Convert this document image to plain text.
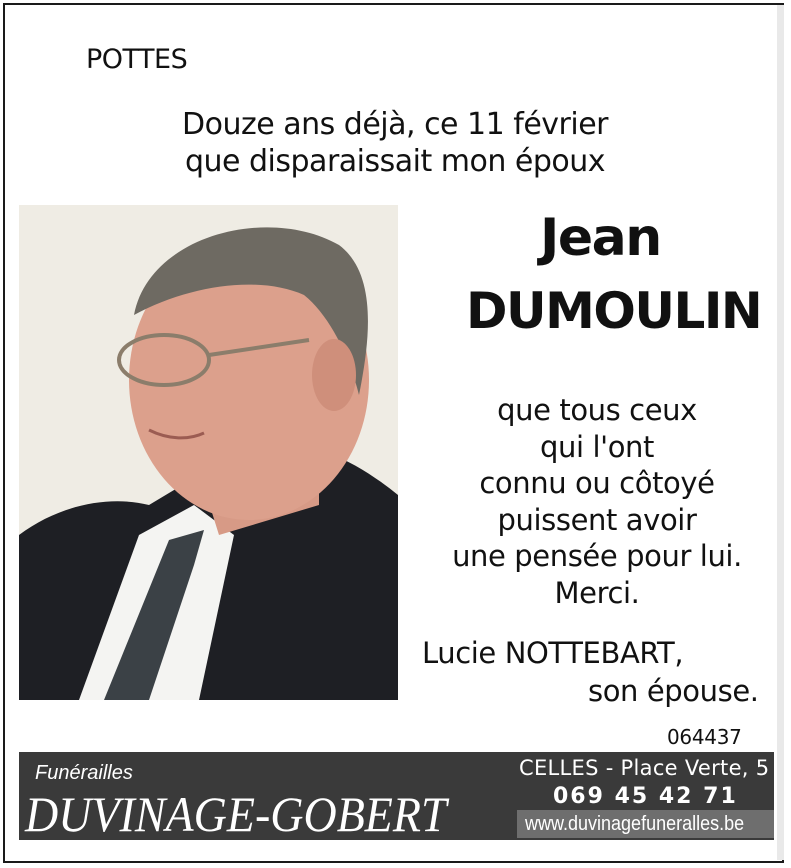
POTTES
Douze ans déjà, ce 11 février
que disparaissait mon époux
Jean
DUMOULIN
que tous ceux
qui l'ont
connu ou côtoyé
puissent avoir
une pensée pour lui.
Merci.
Lucie NOTTEBART,
son épouse.
064437
Funérailles
DUVINAGE-GOBERT
CELLES - Place Verte, 5
069 45 42 71
www.duvinagefuneralles.be
